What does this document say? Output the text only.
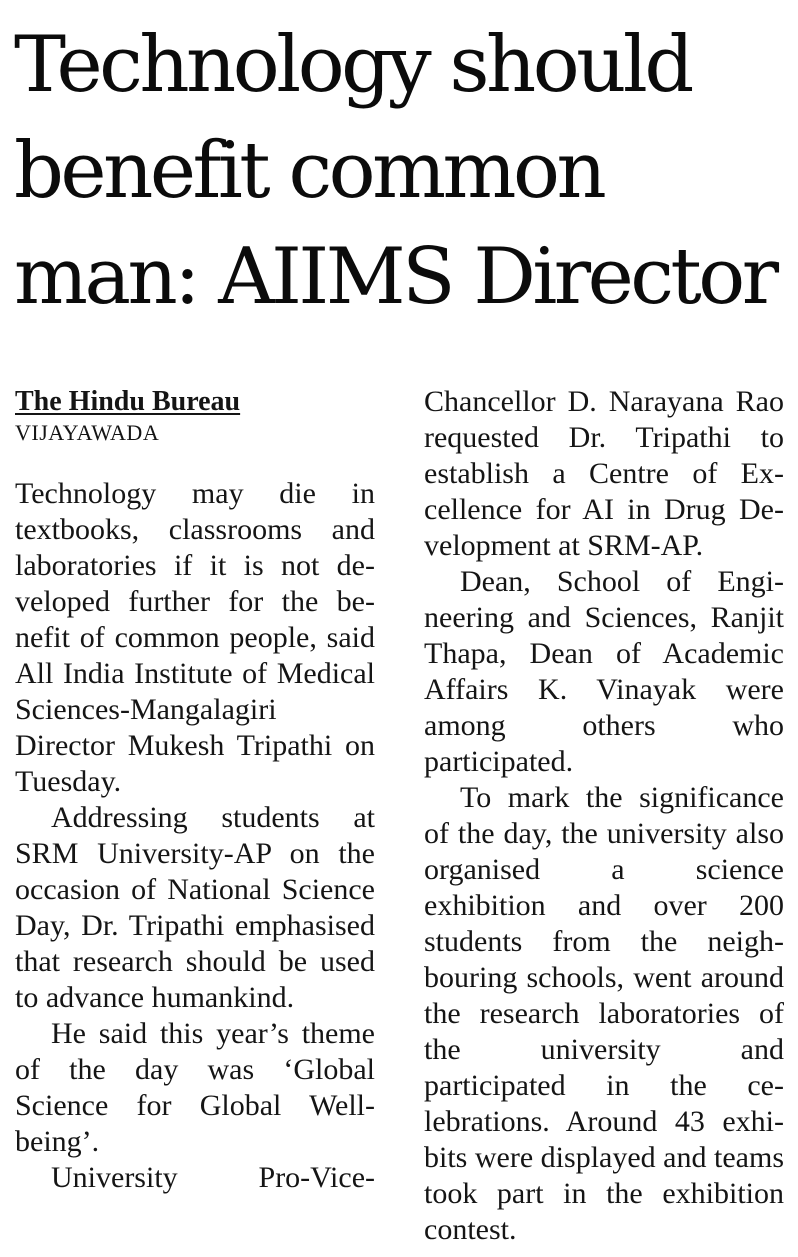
Technology should benefit common man: AIIMS Director

The Hindu Bureau

VIJAYAWADA

Technology may die in textbooks, classrooms and laboratories if it is not developed further for the benefit of common people, said All India Institute of Medical Sciences-Mangalagiri Director Mukesh Tripathi on Tuesday.

Addressing students at SRM University-AP on the occasion of National Science Day, Dr. Tripathi emphasised that research should be used to advance humankind.

He said this year’s theme of the day was ‘Global Science for Global Wellbeing’.

University Pro-Vice-

Chancellor D. Narayana Rao requested Dr. Tripathi to establish a Centre of Excellence for AI in Drug Development at SRM-AP.

Dean, School of Engineering and Sciences, Ranjit Thapa, Dean of Academic Affairs K. Vinayak were among others who participated.

To mark the significance of the day, the university also organised a science exhibition and over 200 students from the neighbouring schools, went around the research laboratories of the university and participated in the celebrations. Around 43 exhibits were displayed and teams took part in the exhibition contest.
